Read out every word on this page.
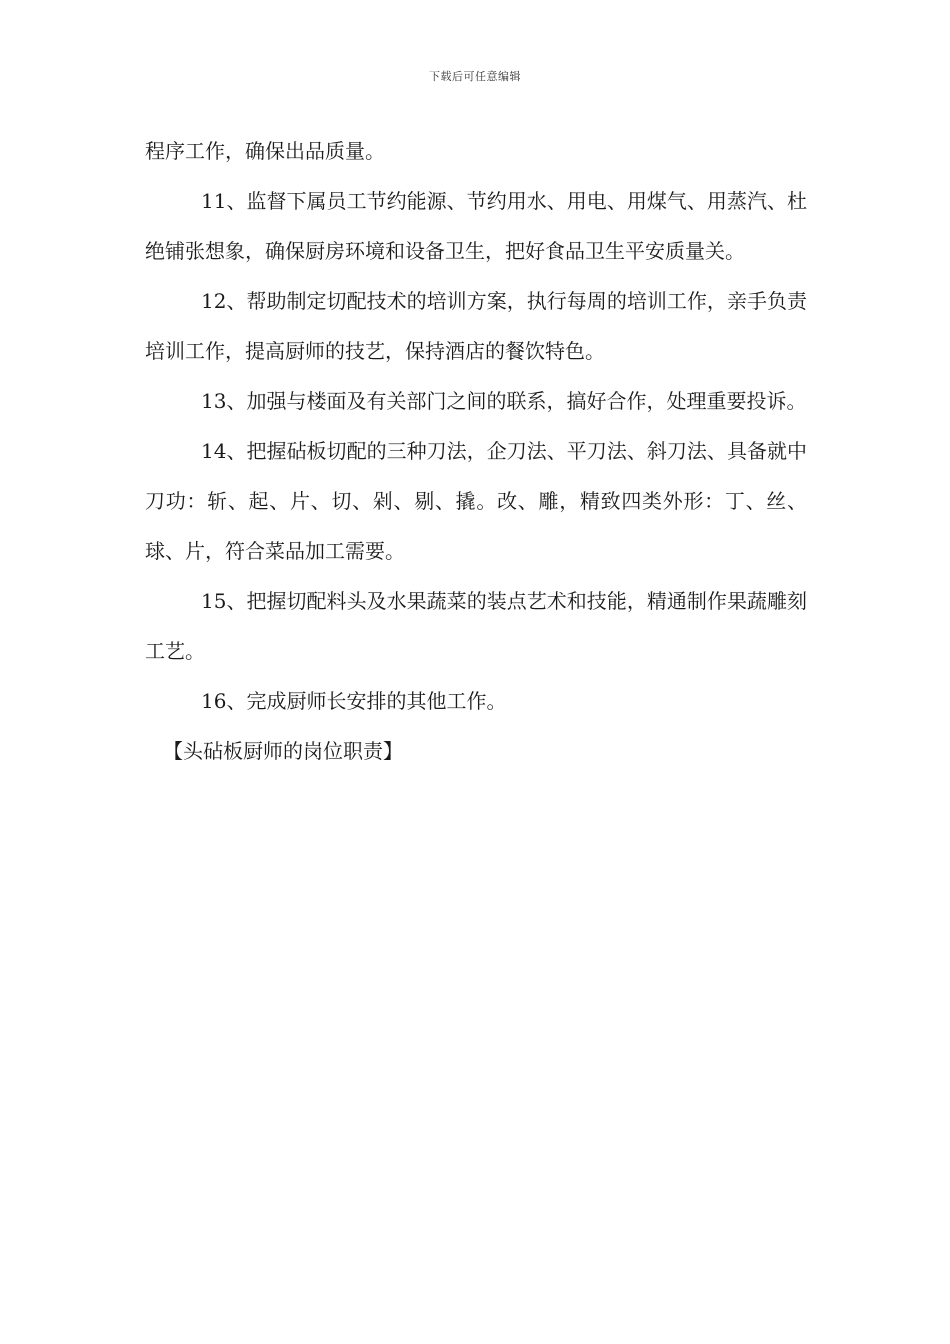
下载后可任意编辑

程序工作，确保出品质量。

11、监督下属员工节约能源、节约用水、用电、用煤气、用蒸汽、杜绝铺张想象，确保厨房环境和设备卫生，把好食品卫生平安质量关。

12、帮助制定切配技术的培训方案，执行每周的培训工作，亲手负责培训工作，提高厨师的技艺，保持酒店的餐饮特色。

13、加强与楼面及有关部门之间的联系，搞好合作，处理重要投诉。

14、把握砧板切配的三种刀法，企刀法、平刀法、斜刀法、具备就中刀功：斩、起、片、切、剁、剔、撬。改、雕，精致四类外形：丁、丝、球、片，符合菜品加工需要。

15、把握切配料头及水果蔬菜的装点艺术和技能，精通制作果蔬雕刻工艺。

16、完成厨师长安排的其他工作。

【头砧板厨师的岗位职责】
